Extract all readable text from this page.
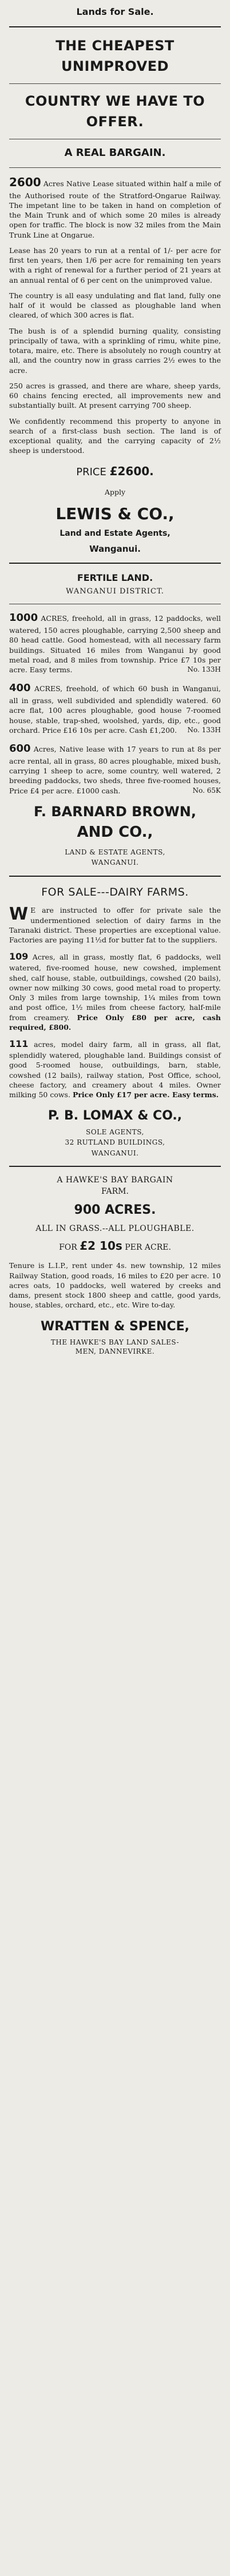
Lands for Sale.
THE CHEAPEST UNIMPROVED
COUNTRY WE HAVE TO OFFER.
A REAL BARGAIN.

2600 Acres Native Lease situated within half a mile of the Authorised route of the Stratford-Ongarue Railway. The impetant line to be taken in hand on completion of the Main Trunk and of which some 20 miles is already open for traffic. The block is now 32 miles from the Main Trunk Line at Ongarue.

Lease has 20 years to run at a rental of 1/- per acre for first ten years, then 1/6 per acre for remaining ten years with a right of renewal for a further period of 21 years at an annual rental of 6 per cent on the unimproved value.

The country is all easy undulating and flat land, fully one half of it would be classed as ploughable land when cleared, of which 300 acres is flat.

The bush is of a splendid burning quality, consisting principally of tawa, with a sprinkling of rimu, white pine, totara, maire, etc. There is absolutely no rough country at all, and the country now in grass carries 2½ ewes to the acre.

250 acres is grassed, and there are whare, sheep yards, 60 chains fencing erected, all improvements new and substantially built. At present carrying 700 sheep.

We confidently recommend this property to anyone in search of a first-class bush section. The land is of exceptional quality, and the carrying capacity of 2½ sheep is understood.

PRICE £2600.
Apply
LEWIS & CO.,
Land and Estate Agents,
Wanganui.
FERTILE LAND.
WANGANUI DISTRICT.
1000 ACRES, freehold, all in grass, 12 paddocks, well watered, 150 acres ploughable, carrying 2,500 sheep and 80 head cattle. Good homestead, with all necessary farm buildings. Situated 16 miles from Wanganui by good metal road, and 8 miles from township. Price £7 10s per acre. Easy terms.	No. 133H
400 ACRES, freehold, of which 60 bush in Wanganui, all in grass, well subdivided and splendidly watered. 60 acre flat, 100 acres ploughable, good house 7-roomed house, stable, trap-shed, woolshed, yards, dip, etc., good orchard. Price £16 10s per acre. Cash £1,200. No. 133H
600 Acres, Native lease with 17 years to run at 8s per acre rental, all in grass, 80 acres ploughable, mixed bush, carrying 1 sheep to acre, some country, well watered, 2 breeding paddocks, two sheds, three five-roomed houses, Price £4 per acre. £1000 cash.	No. 65K
F. BARNARD BROWN,
AND CO.,
LAND & ESTATE AGENTS,
WANGANUI.
FOR SALE---DAIRY FARMS.

W E are instructed to offer for private sale the undermentioned selection of dairy farms in the Taranaki district. These properties are exceptional value. Factories are paying 11½d for butter fat to the suppliers.

109 Acres, all in grass, mostly flat, 6 paddocks, well watered, five-roomed house, new cowshed, implement shed, calf house, stable, outbuildings, cowshed (20 bails), owner now milking 30 cows, good metal road to property. Only 3 miles from large township, 1¼ miles from town and post office, 1½ miles from cheese factory, half-mile from creamery. Price Only £80 per acre, cash required, £800.

111 acres, model dairy farm, all in grass, all flat, splendidly watered, ploughable land. Buildings consist of good 5-roomed house, outbuildings, barn, stable, cowshed (12 bails), railway station, Post Office, school, cheese factory, and creamery about 4 miles. Owner milking 50 cows. Price Only £17 per acre. Easy terms.

P. B. LOMAX & CO.,
SOLE AGENTS,
32 RUTLAND BUILDINGS,
WANGANUI.
A HAWKE'S BAY BARGAIN
FARM.
900 ACRES.
ALL IN GRASS.--ALL PLOUGHABLE.
FOR £2 10s PER ACRE.

Tenure is L.I.P., rent under 4s. new township, 12 miles Railway Station, good roads, 16 miles to £20 per acre. 10 acres oats, 10 paddocks, well watered by creeks and dams, present stock 1800 sheep and cattle, good yards, house, stables, orchard, etc., etc. Wire to-day.

WRATTEN & SPENCE,
THE HAWKE'S BAY LAND SALES-
MEN, DANNEVIRKE.
